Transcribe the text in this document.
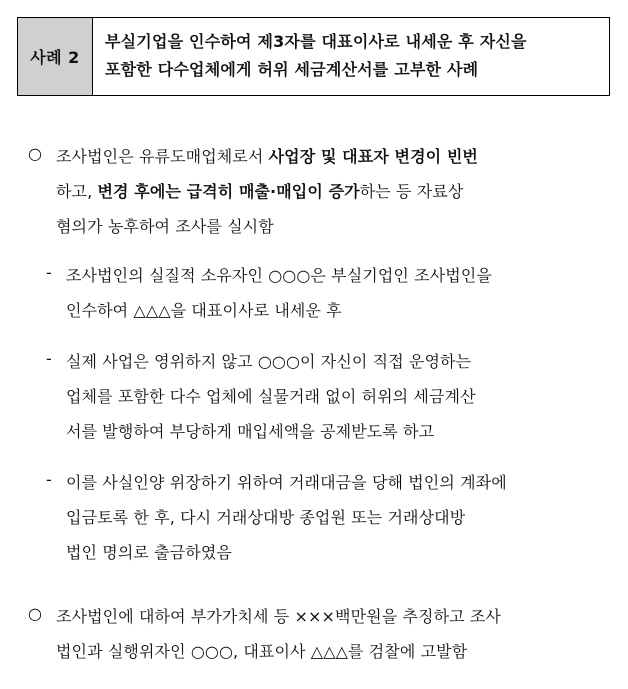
사례 2
부실기업을 인수하여 제3자를 대표이사로 내세운 후 자신을
포함한 다수업체에게 허위 세금계산서를 고부한 사례
○ 조사법인은 유류도매업체로서 사업장 및 대표자 변경이 빈번
하고, 변경 후에는 급격히 매출·매입이 증가하는 등 자료상
혐의가 농후하여 조사를 실시함
- 조사법인의 실질적 소유자인 ○○○은 부실기업인 조사법인을
인수하여 △△△을 대표이사로 내세운 후
- 실제 사업은 영위하지 않고 ○○○이 자신이 직접 운영하는
업체를 포함한 다수 업체에 실물거래 없이 허위의 세금계산
서를 발행하여 부당하게 매입세액을 공제받도록 하고
- 이를 사실인양 위장하기 위하여 거래대금을 당해 법인의 계좌에
입금토록 한 후, 다시 거래상대방 종업원 또는 거래상대방
법인 명의로 출금하였음
○ 조사법인에 대하여 부가가치세 등 ×××백만원을 추징하고 조사
법인과 실행위자인 ○○○, 대표이사 △△△를 검찰에 고발함
